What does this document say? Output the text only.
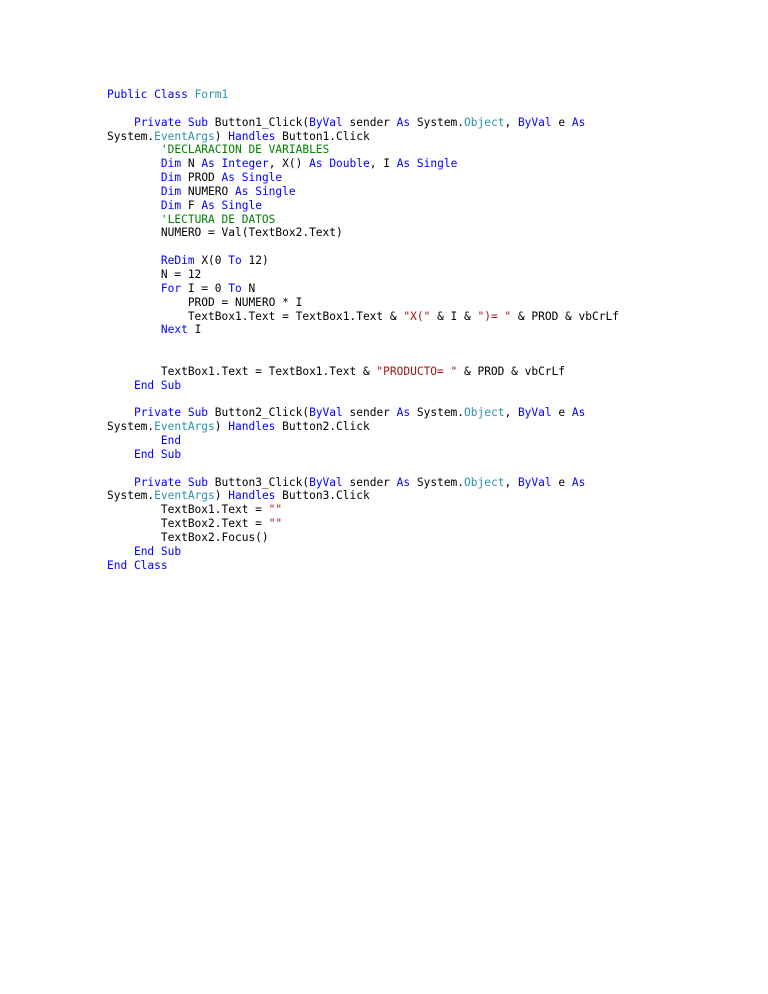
Public Class Form1

Private Sub Button1_Click(ByVal sender As System.Object, ByVal e As
System.EventArgs) Handles Button1.Click
'DECLARACION DE VARIABLES
Dim N As Integer, X() As Double, I As Single
Dim PROD As Single
Dim NUMERO As Single
Dim F As Single
'LECTURA DE DATOS
NUMERO = Val(TextBox2.Text)

ReDim X(0 To 12)
N = 12
For I = 0 To N
PROD = NUMERO * I
TextBox1.Text = TextBox1.Text & "X(" & I & ")= " & PROD & vbCrLf
Next I

TextBox1.Text = TextBox1.Text & "PRODUCTO= " & PROD & vbCrLf
End Sub

Private Sub Button2_Click(ByVal sender As System.Object, ByVal e As
System.EventArgs) Handles Button2.Click
End
End Sub

Private Sub Button3_Click(ByVal sender As System.Object, ByVal e As
System.EventArgs) Handles Button3.Click
TextBox1.Text = ""
TextBox2.Text = ""
TextBox2.Focus()
End Sub
End Class
